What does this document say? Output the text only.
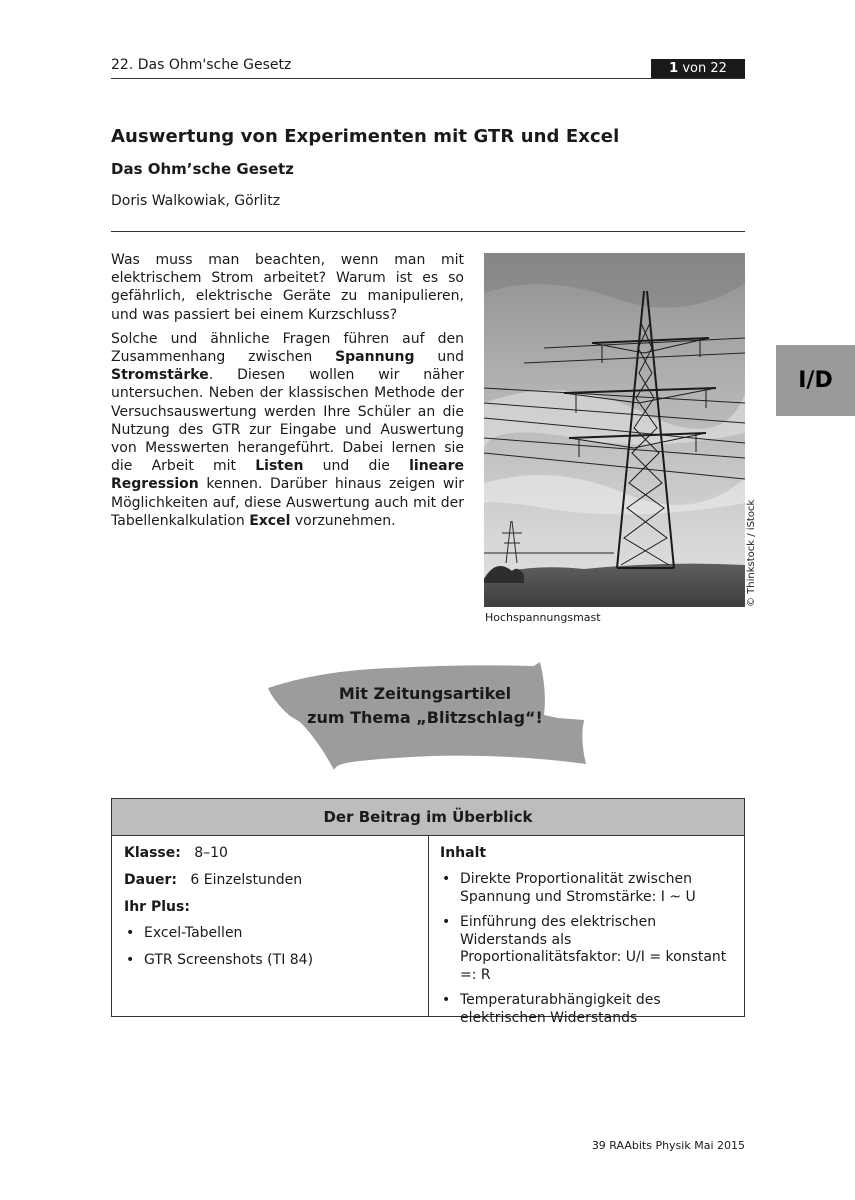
22. Das Ohm'sche Gesetz	1 von 22
Auswertung von Experimenten mit GTR und Excel
Das Ohm’sche Gesetz
Doris Walkowiak, Görlitz

Was muss man beachten, wenn man mit elektrischem Strom arbeitet? Warum ist es so gefährlich, elektrische Geräte zu manipulieren, und was passiert bei einem Kurzschluss?

Solche und ähnliche Fragen führen auf den Zusammenhang zwischen Spannung und Stromstärke. Diesen wollen wir näher untersuchen. Neben der klassischen Methode der Versuchsauswertung werden Ihre Schüler an die Nutzung des GTR zur Eingabe und Auswertung von Messwerten herangeführt. Dabei lernen sie die Arbeit mit Listen und die lineare Regression kennen. Darüber hinaus zeigen wir Möglichkeiten auf, diese Auswertung auch mit der Tabellenkalkulation Excel vorzunehmen.

Hochspannungsmast
© Thinkstock / iStock
I/D
Mit Zeitungsartikel
zum Thema „Blitzschlag“!
Der Beitrag im Überblick
Klasse: 8–10
Dauer: 6 Einzelstunden
Ihr Plus:
• Excel-Tabellen
• GTR Screenshots (TI 84)
Inhalt
• Direkte Proportionalität zwischen Spannung und Stromstärke: I ~ U
• Einführung des elektrischen Widerstands als Proportionalitätsfaktor: U/I = konstant =: R
• Temperaturabhängigkeit des elektrischen Widerstands
39 RAAbits Physik Mai 2015
